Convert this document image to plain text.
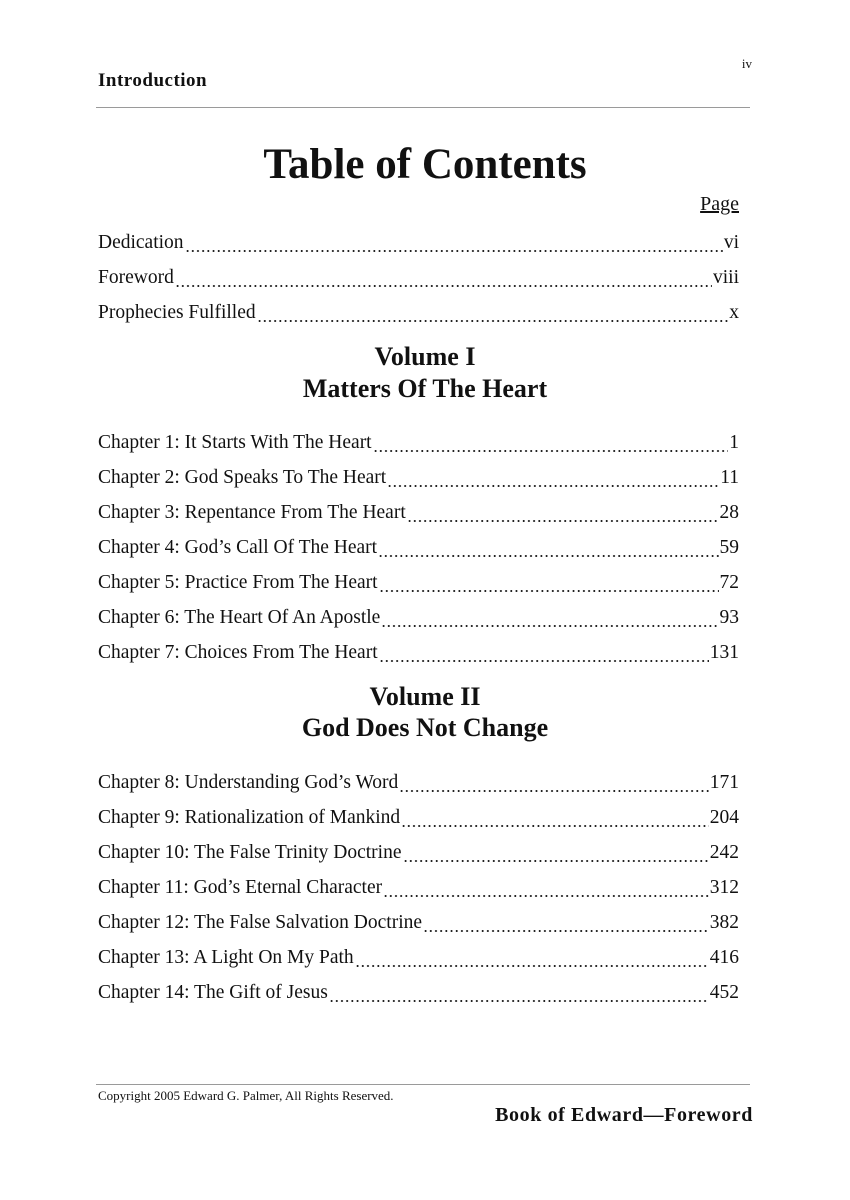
iv
Introduction
Table of Contents
Page
Dedication	vi
Foreword	viii
Prophecies Fulfilled	x
Volume I
Matters Of The Heart
Chapter 1: It Starts With The Heart	1
Chapter 2: God Speaks To The Heart	11
Chapter 3: Repentance From The Heart	28
Chapter 4: God’s Call Of The Heart	59
Chapter 5: Practice From The Heart	72
Chapter 6: The Heart Of An Apostle	93
Chapter 7: Choices From The Heart	131
Volume II
God Does Not Change
Chapter 8: Understanding God’s Word	171
Chapter 9: Rationalization of Mankind	204
Chapter 10: The False Trinity Doctrine	242
Chapter 11: God’s Eternal Character	312
Chapter 12: The False Salvation Doctrine	382
Chapter 13: A Light On My Path	416
Chapter 14: The Gift of Jesus	452
Copyright 2005 Edward G. Palmer, All Rights Reserved.
Book of Edward—Foreword
